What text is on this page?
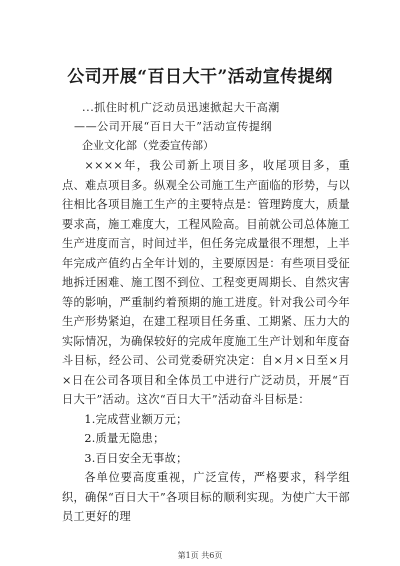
公司开展“百日大干”活动宣传提纲
...抓住时机广泛动员迅速掀起大干高潮
——公司开展“百日大干”活动宣传提纲
企业文化部（党委宣传部）

××××年，我公司新上项目多，收尾项目多，重点、难点项目多。纵观全公司施工生产面临的形势，与以往相比各项目施工生产的主要特点是：管理跨度大，质量要求高，施工难度大，工程风险高。目前就公司总体施工生产进度而言，时间过半，但任务完成量很不理想，上半年完成产值约占全年计划的，主要原因是：有些项目受征地拆迁困难、施工图不到位、工程变更周期长、自然灾害等的影响，严重制约着预期的施工进度。针对我公司今年生产形势紧迫，在建工程项目任务重、工期紧、压力大的实际情况，为确保较好的完成年度施工生产计划和年度奋斗目标，经公司、公司党委研究决定：自×月×日至×月×日在公司各项目和全体员工中进行广泛动员，开展“百日大干”活动。这次“百日大干”活动奋斗目标是：

1.完成营业额万元；

2.质量无隐患；

3.百日安全无事故；

各单位要高度重视，广泛宣传，严格要求，科学组织，确保“百日大干”各项目标的顺利实现。为使广大干部员工更好的理

第1页 共6页
